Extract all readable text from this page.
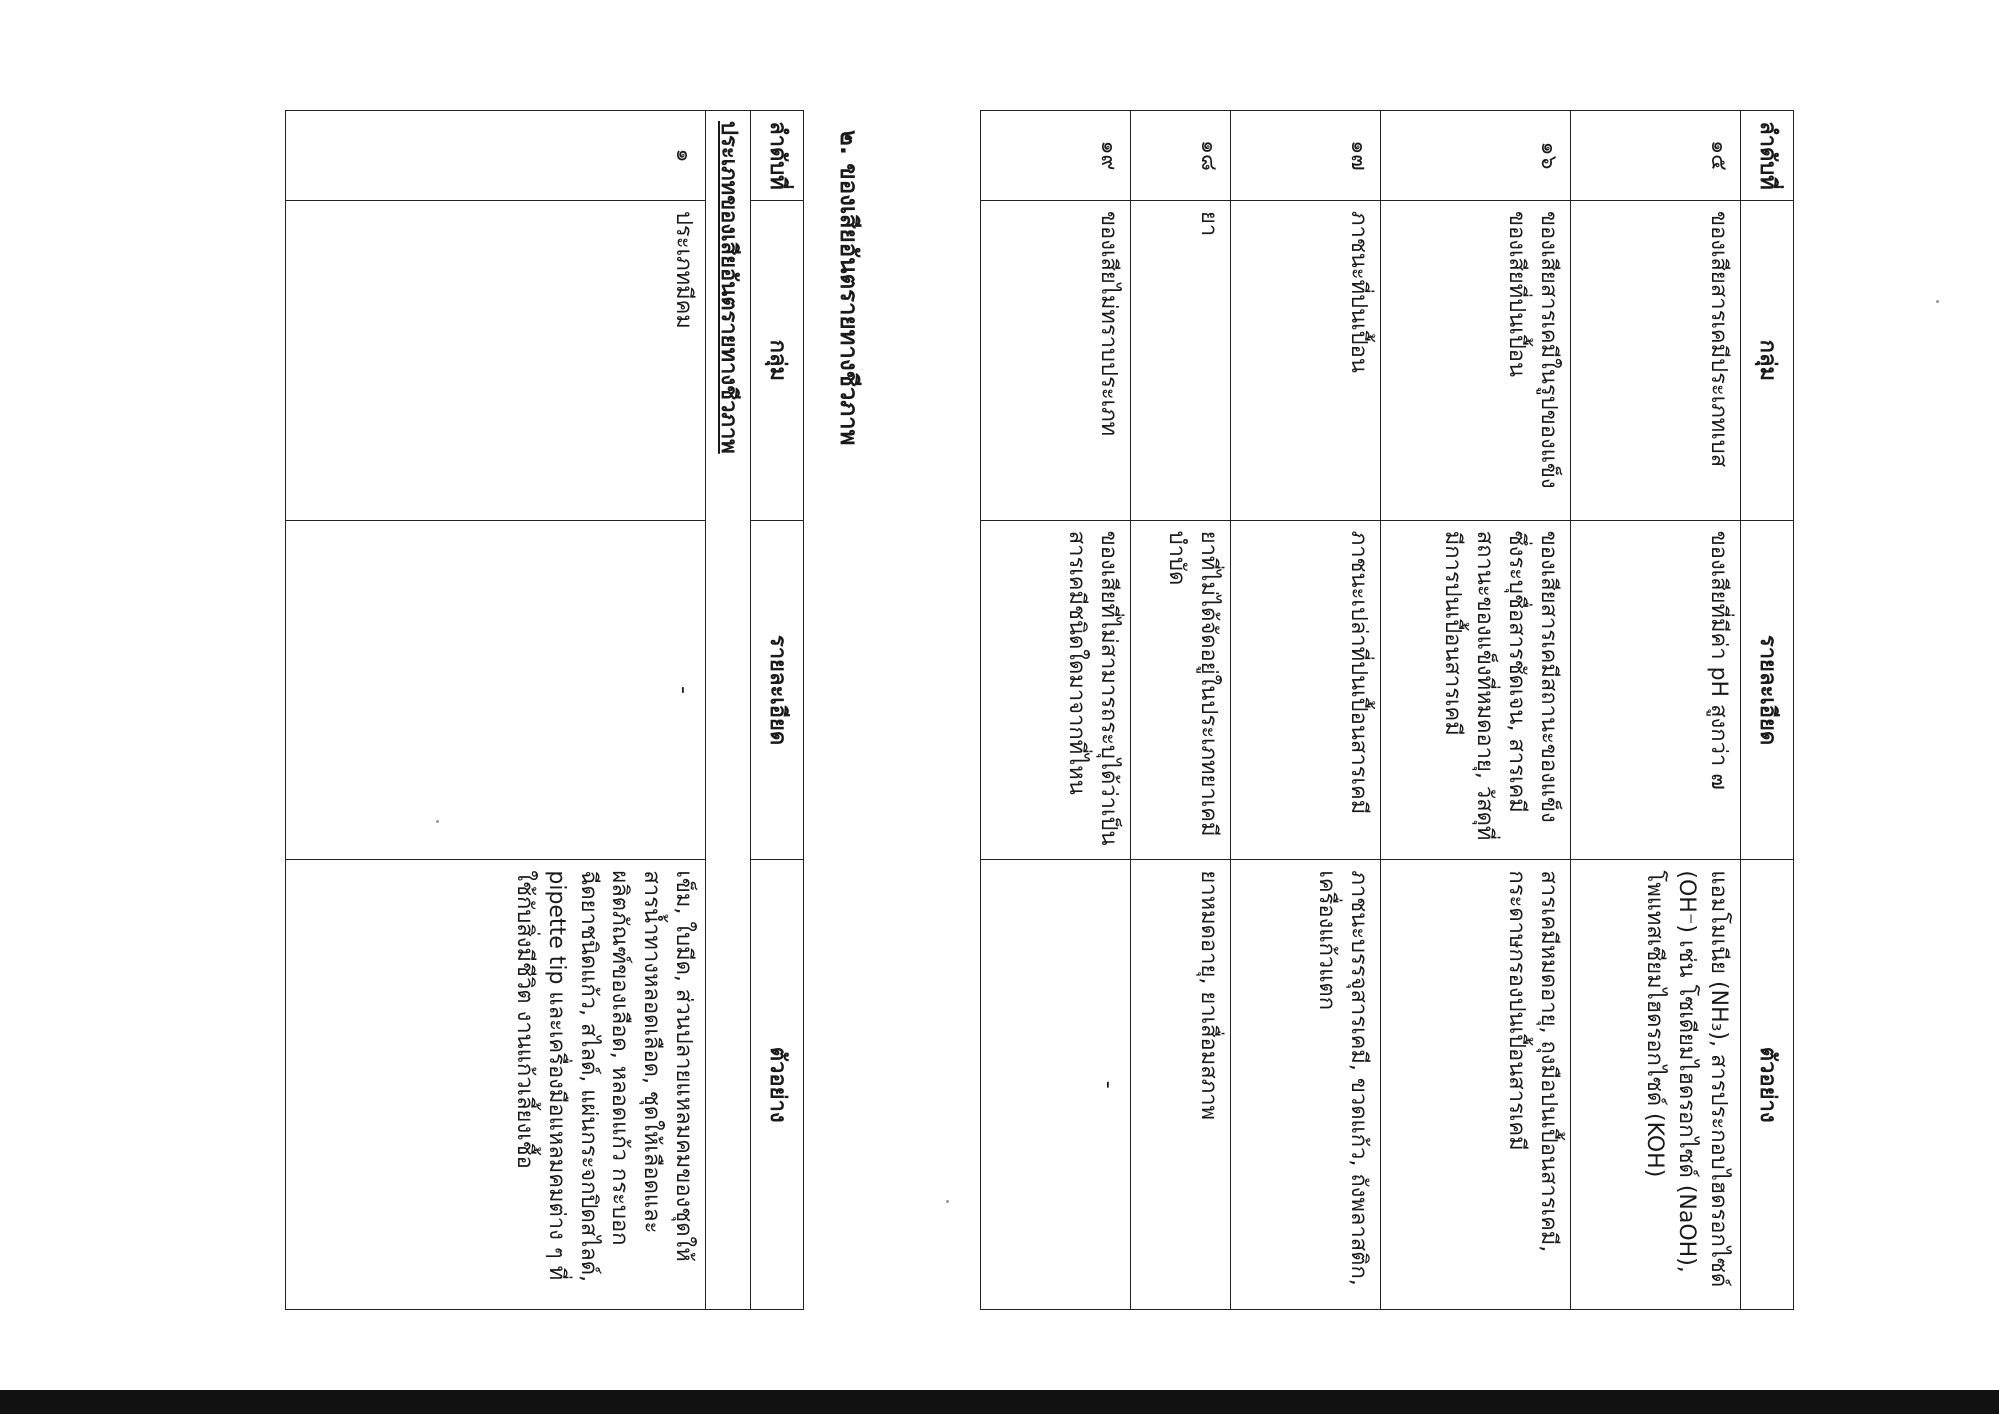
ลำดับที่	กลุ่ม	รายละเอียด	ตัวอย่าง
๑๕	ของเสียสารเคมีประเภทเบส	ของเสียที่มีค่า pH สูงกว่า ๗	แอมโมเนีย (NH₃), สารประกอบไฮดรอกไซด์ (OH⁻) เช่น โซเดียมไฮดรอกไซด์ (NaOH), โพแทสเซียมไฮดรอกไซด์ (KOH)
๑๖	ของเสียสารเคมีในรูปของแข็ง ของเสียที่ปนเปื้อน	ของเสียสารเคมีสถานะของแข็ง ซึ่งระบุชื่อสารชัดเจน, สารเคมีสถานะของแข็งที่หมดอายุ, วัสดุที่มีการปนเปื้อนสารเคมี	สารเคมีหมดอายุ, ถุงมือปนเปื้อนสารเคมี, กระดาษกรองปนเปื้อนสารเคมี
๑๗	ภาชนะที่ปนเปื้อน	ภาชนะเปล่าที่ปนเปื้อนสารเคมี	ภาชนะบรรจุสารเคมี, ขวดแก้ว, ถังพลาสติก, เครื่องแก้วแตก
๑๘	ยา	ยาที่ไม่ได้จัดอยู่ในประเภทยาเคมีบำบัด	ยาหมดอายุ, ยาเสื่อมสภาพ
๑๙	ของเสียไม่ทราบประเภท	ของเสียที่ไม่สามารถระบุได้ว่าเป็นสารเคมีชนิดใดมาจากที่ไหน	-
๒. ของเสียอันตรายทางชีวภาพ
ลำดับที่	กลุ่ม	รายละเอียด	ตัวอย่าง
ประเภทของเสียอันตรายทางชีวภาพ			
๑	ประเภทมีคม	-	เข็ม, ใบมีด, ส่วนปลายแหลมคมของชุดให้สารน้ำทางหลอดเลือด, ชุดให้เลือดและผลิตภัณฑ์ของเลือด, หลอดแก้ว กระบอกฉีดยาชนิดแก้ว, สไลด์, แผ่นกระจกปิดสไลด์, pipette tip และเครื่องมือแหลมคมต่าง ๆ ที่ใช้กับสิ่งมีชีวิต งานแก้วเลี้ยงเชื้อ
